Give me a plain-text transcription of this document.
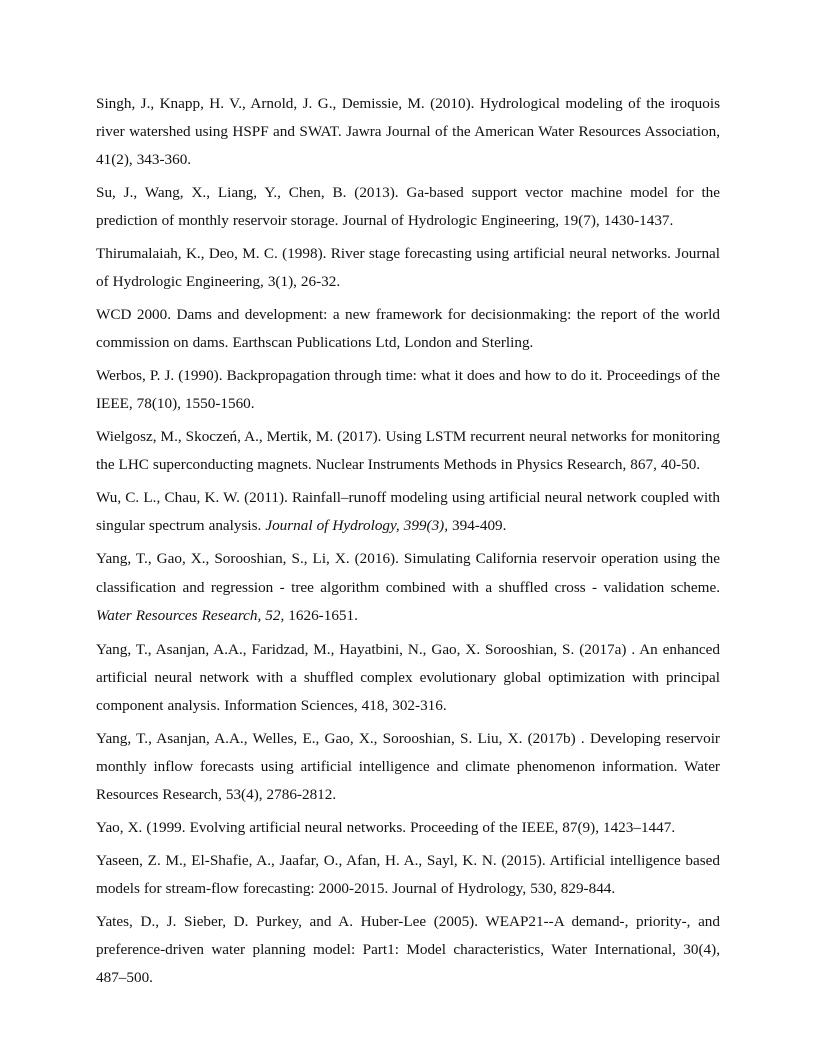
Singh, J., Knapp, H. V., Arnold, J. G., Demissie, M. (2010). Hydrological modeling of the iroquois river watershed using HSPF and SWAT. Jawra Journal of the American Water Resources Association, 41(2), 343-360.

Su, J., Wang, X., Liang, Y., Chen, B. (2013). Ga-based support vector machine model for the prediction of monthly reservoir storage. Journal of Hydrologic Engineering, 19(7), 1430-1437.

Thirumalaiah, K., Deo, M. C. (1998). River stage forecasting using artificial neural networks. Journal of Hydrologic Engineering, 3(1), 26-32.

WCD 2000. Dams and development: a new framework for decisionmaking: the report of the world commission on dams. Earthscan Publications Ltd, London and Sterling.

Werbos, P. J. (1990). Backpropagation through time: what it does and how to do it. Proceedings of the IEEE, 78(10), 1550-1560.

Wielgosz, M., Skoczeń, A., Mertik, M. (2017). Using LSTM recurrent neural networks for monitoring the LHC superconducting magnets. Nuclear Instruments Methods in Physics Research, 867, 40-50.

Wu, C. L., Chau, K. W. (2011). Rainfall–runoff modeling using artificial neural network coupled with singular spectrum analysis. Journal of Hydrology, 399(3), 394-409.

Yang, T., Gao, X., Sorooshian, S., Li, X. (2016). Simulating California reservoir operation using the classification and regression ‐ tree algorithm combined with a shuffled cross ‐ validation scheme. Water Resources Research, 52, 1626-1651.

Yang, T., Asanjan, A.A., Faridzad, M., Hayatbini, N., Gao, X. Sorooshian, S. (2017a) . An enhanced artificial neural network with a shuffled complex evolutionary global optimization with principal component analysis. Information Sciences, 418, 302-316.

Yang, T., Asanjan, A.A., Welles, E., Gao, X., Sorooshian, S. Liu, X. (2017b) . Developing reservoir monthly inflow forecasts using artificial intelligence and climate phenomenon information. Water Resources Research, 53(4), 2786-2812.

Yao, X. (1999. Evolving artificial neural networks. Proceeding of the IEEE, 87(9), 1423–1447.

Yaseen, Z. M., El-Shafie, A., Jaafar, O., Afan, H. A., Sayl, K. N. (2015). Artificial intelligence based models for stream-flow forecasting: 2000-2015. Journal of Hydrology, 530, 829-844.

Yates, D., J. Sieber, D. Purkey, and A. Huber-Lee (2005). WEAP21--A demand-, priority-, and preference-driven water planning model: Part1: Model characteristics, Water International, 30(4), 487–500.
